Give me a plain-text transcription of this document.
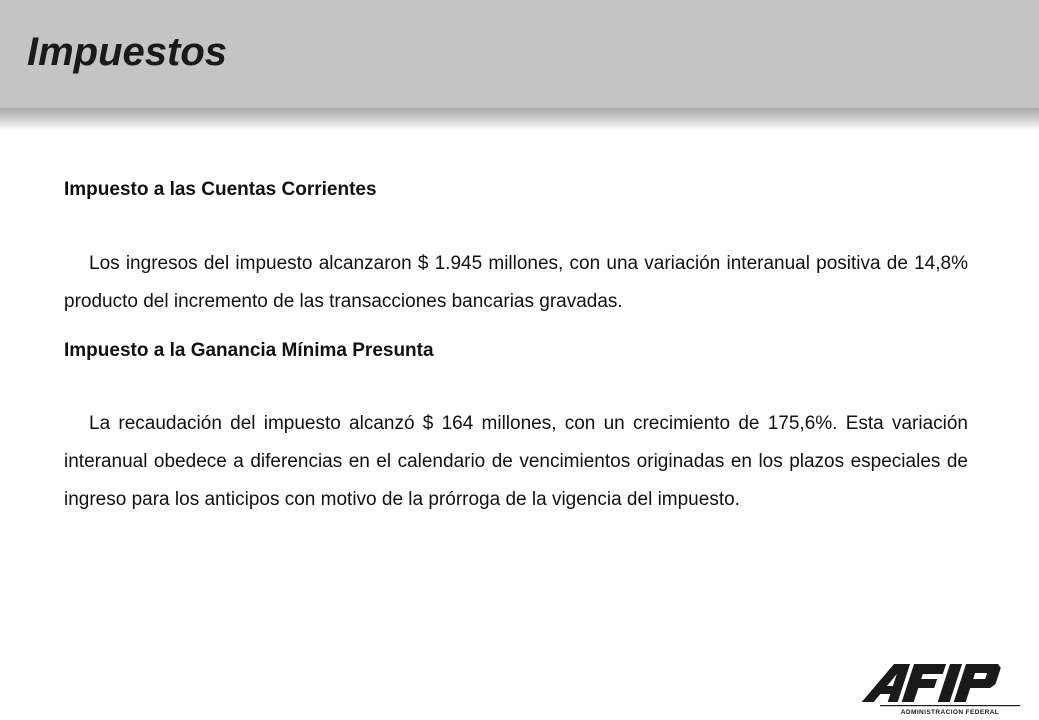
Impuestos

Impuesto a las Cuentas Corrientes

Los ingresos del impuesto alcanzaron $ 1.945 millones, con una variación interanual positiva de 14,8% producto del incremento de las transacciones bancarias gravadas.

Impuesto a la Ganancia Mínima Presunta

La recaudación del impuesto alcanzó $ 164 millones, con un crecimiento de 175,6%. Esta variación interanual obedece a diferencias en el calendario de vencimientos originadas en los plazos especiales de ingreso para los anticipos con motivo de la prórroga de la vigencia del impuesto.

ADMINISTRACION FEDERAL
